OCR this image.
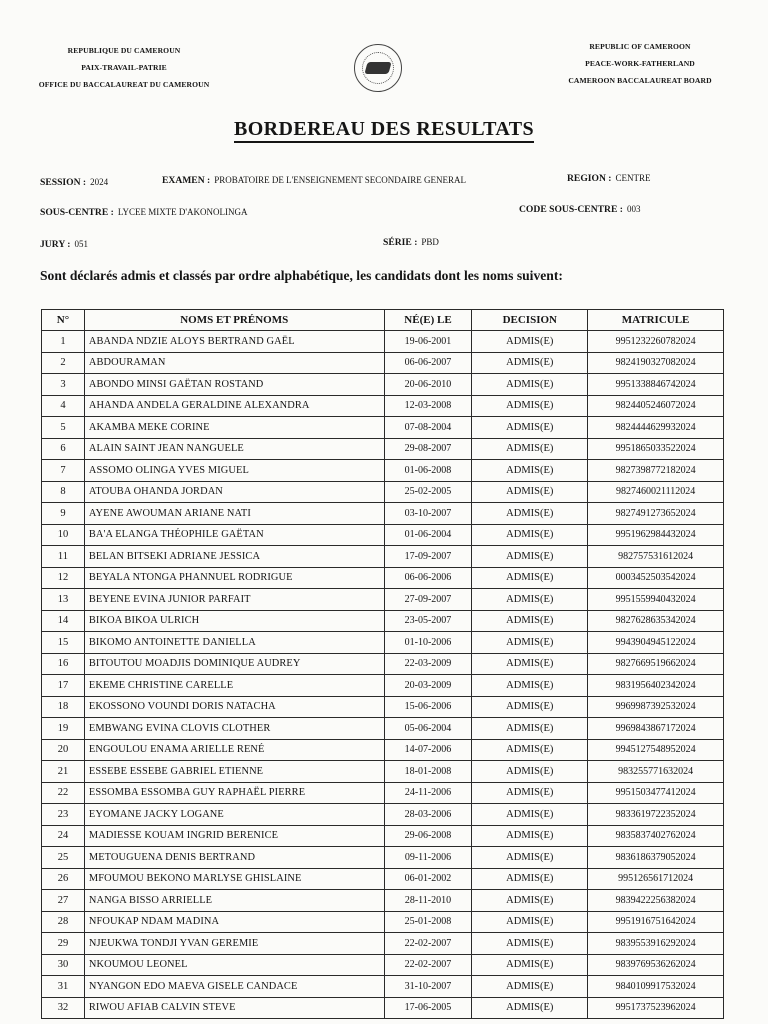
REPUBLIQUE DU CAMEROUN
PAIX-TRAVAIL-PATRIE
OFFICE DU BACCALAUREAT DU CAMEROUN
REPUBLIC OF CAMEROON
PEACE-WORK-FATHERLAND
CAMEROON BACCALAUREAT BOARD
BORDEREAU DES RESULTATS
SESSION : 2024	EXAMEN : PROBATOIRE DE L'ENSEIGNEMENT SECONDAIRE GENERAL	REGION : CENTRE
SOUS-CENTRE : LYCEE MIXTE D'AKONOLINGA	CODE SOUS-CENTRE : 003
JURY : 051	SÉRIE : PBD
Sont déclarés admis et classés par ordre alphabétique, les candidats dont les noms suivent:
N°	NOMS ET PRÉNOMS	NÉ(E) LE	DECISION	MATRICULE
1	ABANDA NDZIE ALOYS BERTRAND GAËL	19-06-2001	ADMIS(E)	9951232260782024
2	ABDOURAMAN	06-06-2007	ADMIS(E)	9824190327082024
3	ABONDO MINSI GAËTAN ROSTAND	20-06-2010	ADMIS(E)	9951338846742024
4	AHANDA ANDELA GERALDINE ALEXANDRA	12-03-2008	ADMIS(E)	9824405246072024
5	AKAMBA MEKE CORINE	07-08-2004	ADMIS(E)	9824444629932024
6	ALAIN SAINT JEAN NANGUELE	29-08-2007	ADMIS(E)	9951865033522024
7	ASSOMO OLINGA YVES MIGUEL	01-06-2008	ADMIS(E)	9827398772182024
8	ATOUBA OHANDA JORDAN	25-02-2005	ADMIS(E)	9827460021112024
9	AYENE AWOUMAN ARIANE NATI	03-10-2007	ADMIS(E)	9827491273652024
10	BA'A ELANGA THÉOPHILE GAËTAN	01-06-2004	ADMIS(E)	9951962984432024
11	BELAN BITSEKI ADRIANE JESSICA	17-09-2007	ADMIS(E)	982757531612024
12	BEYALA NTONGA PHANNUEL RODRIGUE	06-06-2006	ADMIS(E)	0003452503542024
13	BEYENE EVINA JUNIOR PARFAIT	27-09-2007	ADMIS(E)	9951559940432024
14	BIKOA BIKOA ULRICH	23-05-2007	ADMIS(E)	9827628635342024
15	BIKOMO ANTOINETTE DANIELLA	01-10-2006	ADMIS(E)	9943904945122024
16	BITOUTOU MOADJIS DOMINIQUE AUDREY	22-03-2009	ADMIS(E)	9827669519662024
17	EKEME CHRISTINE CARELLE	20-03-2009	ADMIS(E)	9831956402342024
18	EKOSSONO VOUNDI DORIS NATACHA	15-06-2006	ADMIS(E)	9969987392532024
19	EMBWANG EVINA CLOVIS CLOTHER	05-06-2004	ADMIS(E)	9969843867172024
20	ENGOULOU ENAMA ARIELLE RENÉ	14-07-2006	ADMIS(E)	9945127548952024
21	ESSEBE ESSEBE GABRIEL ETIENNE	18-01-2008	ADMIS(E)	983255771632024
22	ESSOMBA ESSOMBA GUY RAPHAËL PIERRE	24-11-2006	ADMIS(E)	9951503477412024
23	EYOMANE JACKY LOGANE	28-03-2006	ADMIS(E)	9833619722352024
24	MADIESSE KOUAM INGRID BERENICE	29-06-2008	ADMIS(E)	9835837402762024
25	METOUGUENA DENIS BERTRAND	09-11-2006	ADMIS(E)	9836186379052024
26	MFOUMOU BEKONO MARLYSE GHISLAINE	06-01-2002	ADMIS(E)	995126561712024
27	NANGA BISSO ARRIELLE	28-11-2010	ADMIS(E)	9839422256382024
28	NFOUKAP NDAM MADINA	25-01-2008	ADMIS(E)	9951916751642024
29	NJEUKWA TONDJI YVAN GEREMIE	22-02-2007	ADMIS(E)	9839553916292024
30	NKOUMOU LEONEL	22-02-2007	ADMIS(E)	9839769536262024
31	NYANGON EDO MAEVA GISELE CANDACE	31-10-2007	ADMIS(E)	9840109917532024
32	RIWOU AFIAB CALVIN STEVE	17-06-2005	ADMIS(E)	9951737523962024
